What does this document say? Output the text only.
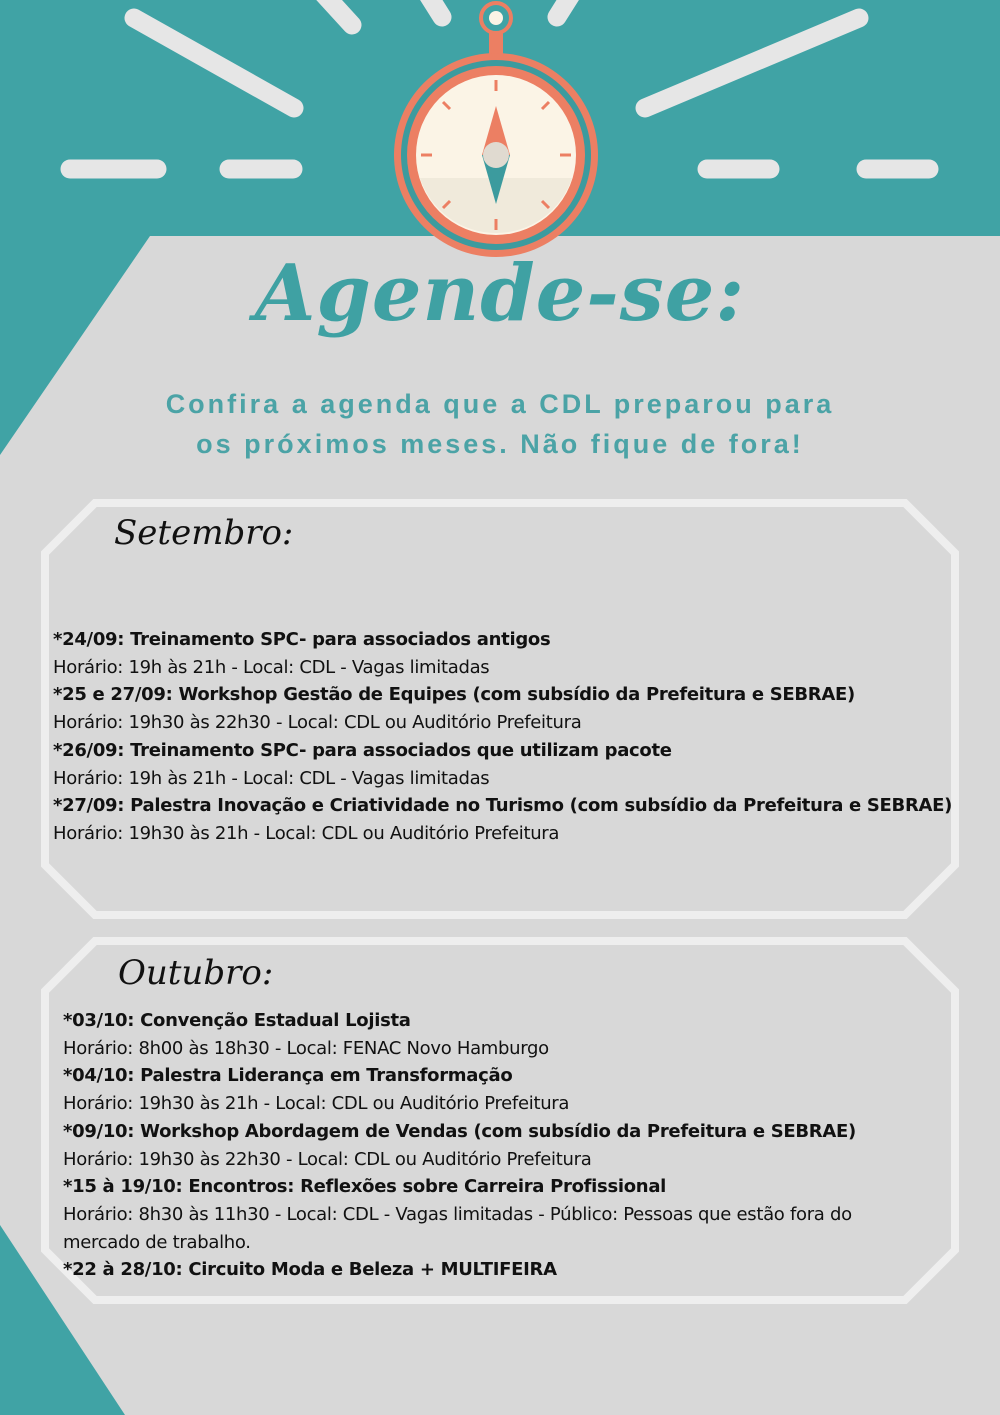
Agende-se:
Confira a agenda que a CDL preparou para
os próximos meses. Não fique de fora!
Setembro:
*24/09: Treinamento SPC- para associados antigos
Horário: 19h às 21h - Local: CDL - Vagas limitadas
*25 e 27/09: Workshop Gestão de Equipes (com subsídio da Prefeitura e SEBRAE)
Horário: 19h30 às 22h30 - Local: CDL ou Auditório Prefeitura
*26/09: Treinamento SPC- para associados que utilizam pacote
Horário: 19h às 21h - Local: CDL - Vagas limitadas
*27/09: Palestra Inovação e Criatividade no Turismo (com subsídio da Prefeitura e SEBRAE)
Horário: 19h30 às 21h - Local: CDL ou Auditório Prefeitura
Outubro:
*03/10: Convenção Estadual Lojista
Horário: 8h00 às 18h30 - Local: FENAC Novo Hamburgo
*04/10: Palestra Liderança em Transformação
Horário: 19h30 às 21h - Local: CDL ou Auditório Prefeitura
*09/10: Workshop Abordagem de Vendas (com subsídio da Prefeitura e SEBRAE)
Horário: 19h30 às 22h30 - Local: CDL ou Auditório Prefeitura
*15 à 19/10: Encontros: Reflexões sobre Carreira Profissional
Horário: 8h30 às 11h30 - Local: CDL - Vagas limitadas - Público: Pessoas que estão fora do mercado de trabalho.
*22 à 28/10: Circuito Moda e Beleza + MULTIFEIRA
